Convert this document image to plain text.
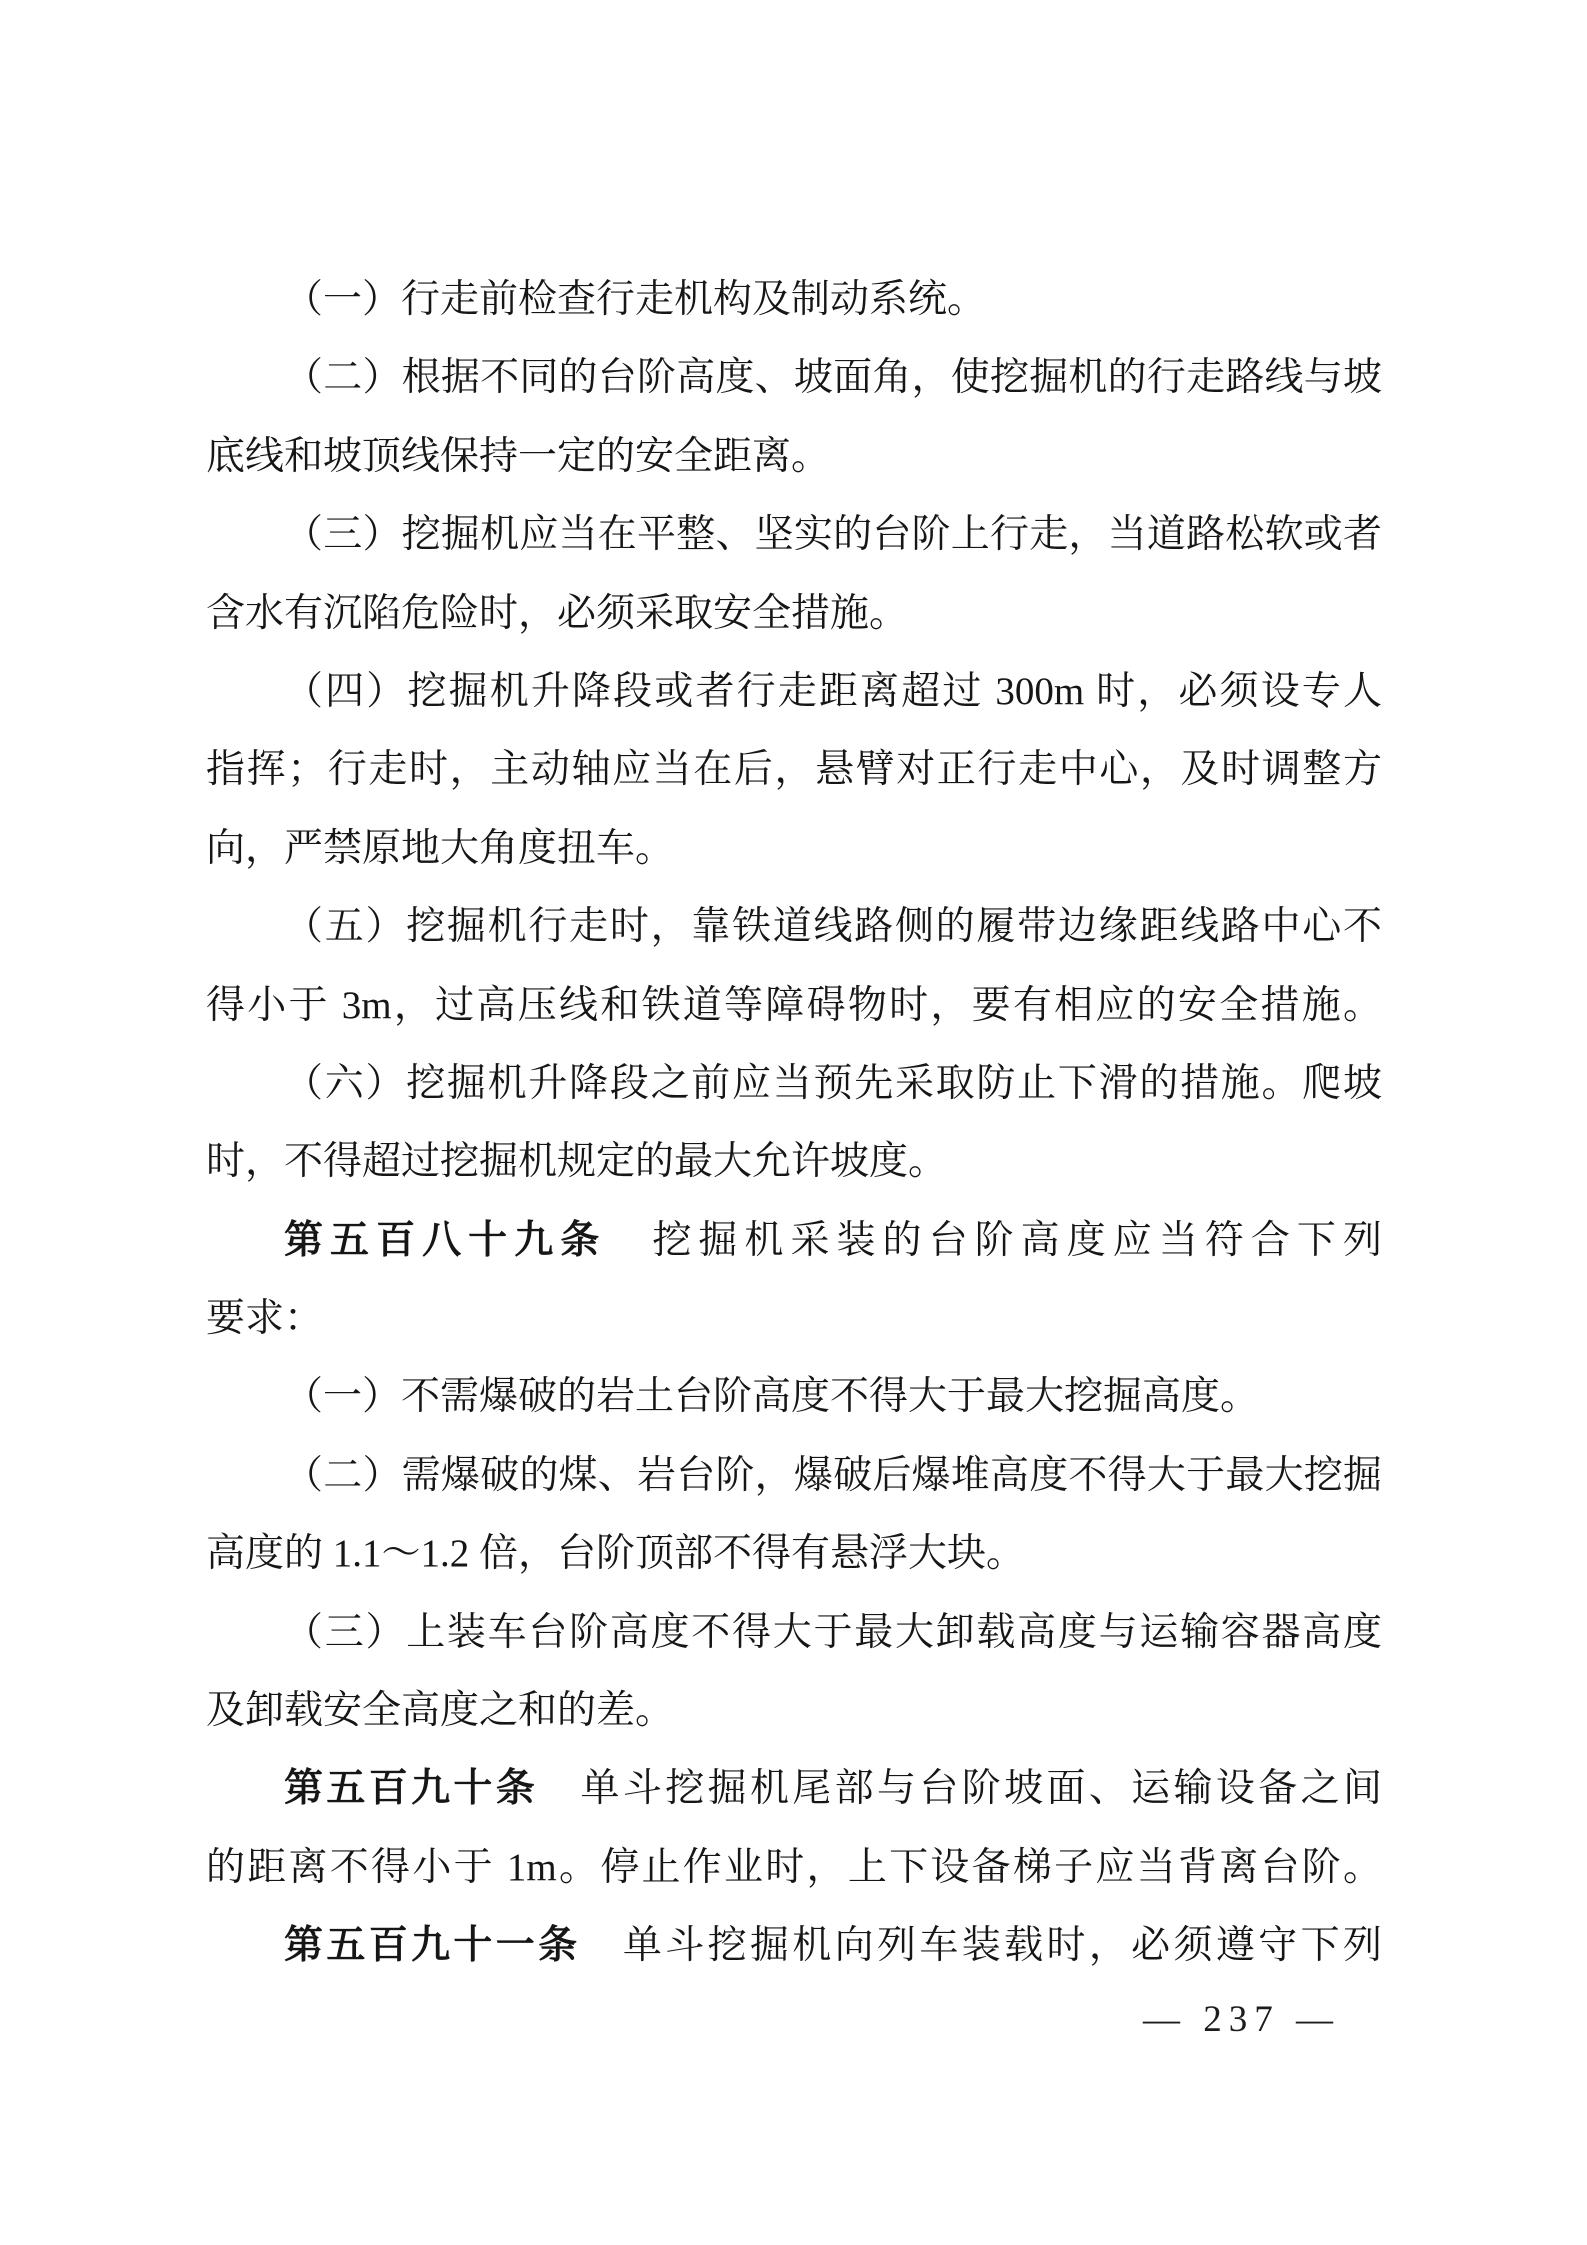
（一）行走前检查行走机构及制动系统。
（二）根据不同的台阶高度、坡面角，使挖掘机的行走路线与坡
底线和坡顶线保持一定的安全距离。
（三）挖掘机应当在平整、坚实的台阶上行走，当道路松软或者
含水有沉陷危险时，必须采取安全措施。
（四）挖掘机升降段或者行走距离超过 300m 时，必须设专人
指挥；行走时，主动轴应当在后，悬臂对正行走中心，及时调整方
向，严禁原地大角度扭车。
（五）挖掘机行走时，靠铁道线路侧的履带边缘距线路中心不
得小于 3m，过高压线和铁道等障碍物时，要有相应的安全措施。
（六）挖掘机升降段之前应当预先采取防止下滑的措施。爬坡
时，不得超过挖掘机规定的最大允许坡度。
第五百八十九条　挖掘机采装的台阶高度应当符合下列
要求：
（一）不需爆破的岩土台阶高度不得大于最大挖掘高度。
（二）需爆破的煤、岩台阶，爆破后爆堆高度不得大于最大挖掘
高度的 1.1～1.2 倍，台阶顶部不得有悬浮大块。
（三）上装车台阶高度不得大于最大卸载高度与运输容器高度
及卸载安全高度之和的差。
第五百九十条　单斗挖掘机尾部与台阶坡面、运输设备之间
的距离不得小于 1m。停止作业时，上下设备梯子应当背离台阶。
第五百九十一条　单斗挖掘机向列车装载时，必须遵守下列
— 237 —
